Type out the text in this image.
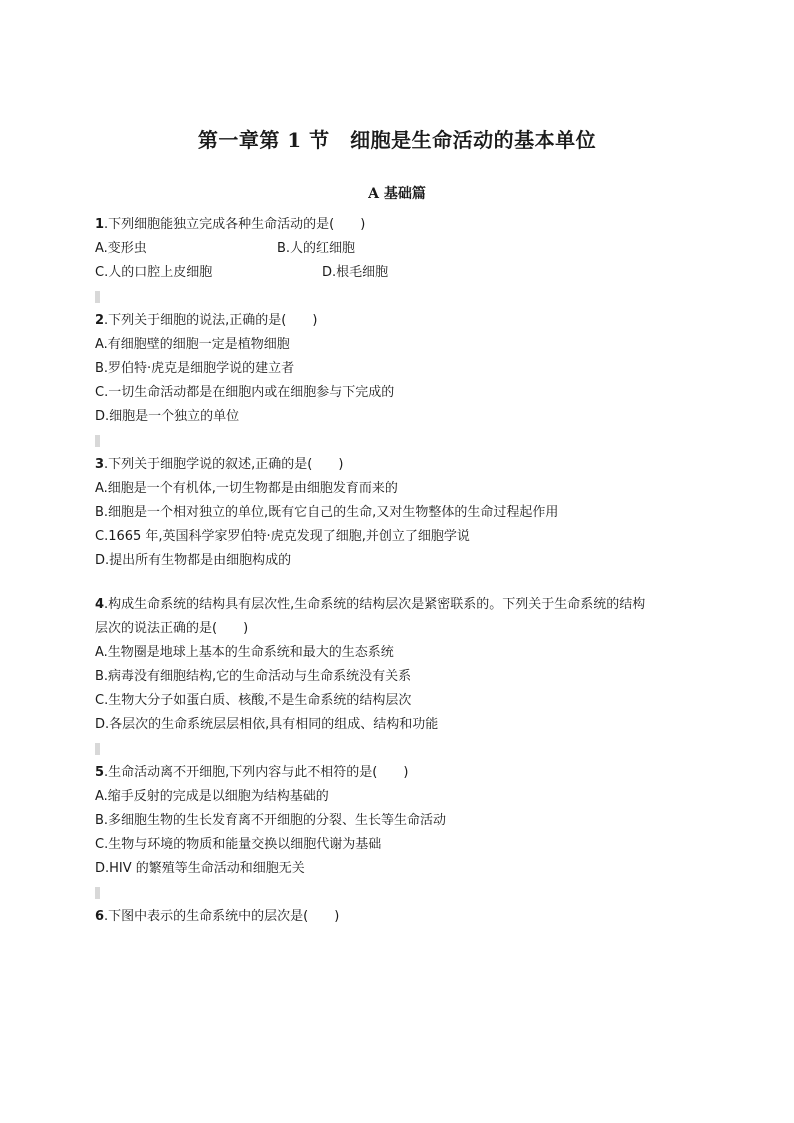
第一章第 1 节　细胞是生命活动的基本单位
A 基础篇
1.下列细胞能独立完成各种生命活动的是(　　)
A.变形虫	B.人的红细胞
C.人的口腔上皮细胞	D.根毛细胞
2.下列关于细胞的说法,正确的是(　　)
A.有细胞壁的细胞一定是植物细胞
B.罗伯特·虎克是细胞学说的建立者
C.一切生命活动都是在细胞内或在细胞参与下完成的
D.细胞是一个独立的单位
3.下列关于细胞学说的叙述,正确的是(　　)
A.细胞是一个有机体,一切生物都是由细胞发育而来的
B.细胞是一个相对独立的单位,既有它自己的生命,又对生物整体的生命过程起作用
C.1665 年,英国科学家罗伯特·虎克发现了细胞,并创立了细胞学说
D.提出所有生物都是由细胞构成的
4.构成生命系统的结构具有层次性,生命系统的结构层次是紧密联系的。下列关于生命系统的结构
层次的说法正确的是(　　)
A.生物圈是地球上基本的生命系统和最大的生态系统
B.病毒没有细胞结构,它的生命活动与生命系统没有关系
C.生物大分子如蛋白质、核酸,不是生命系统的结构层次
D.各层次的生命系统层层相依,具有相同的组成、结构和功能
5.生命活动离不开细胞,下列内容与此不相符的是(　　)
A.缩手反射的完成是以细胞为结构基础的
B.多细胞生物的生长发育离不开细胞的分裂、生长等生命活动
C.生物与环境的物质和能量交换以细胞代谢为基础
D.HIV 的繁殖等生命活动和细胞无关
6.下图中表示的生命系统中的层次是(　　)
